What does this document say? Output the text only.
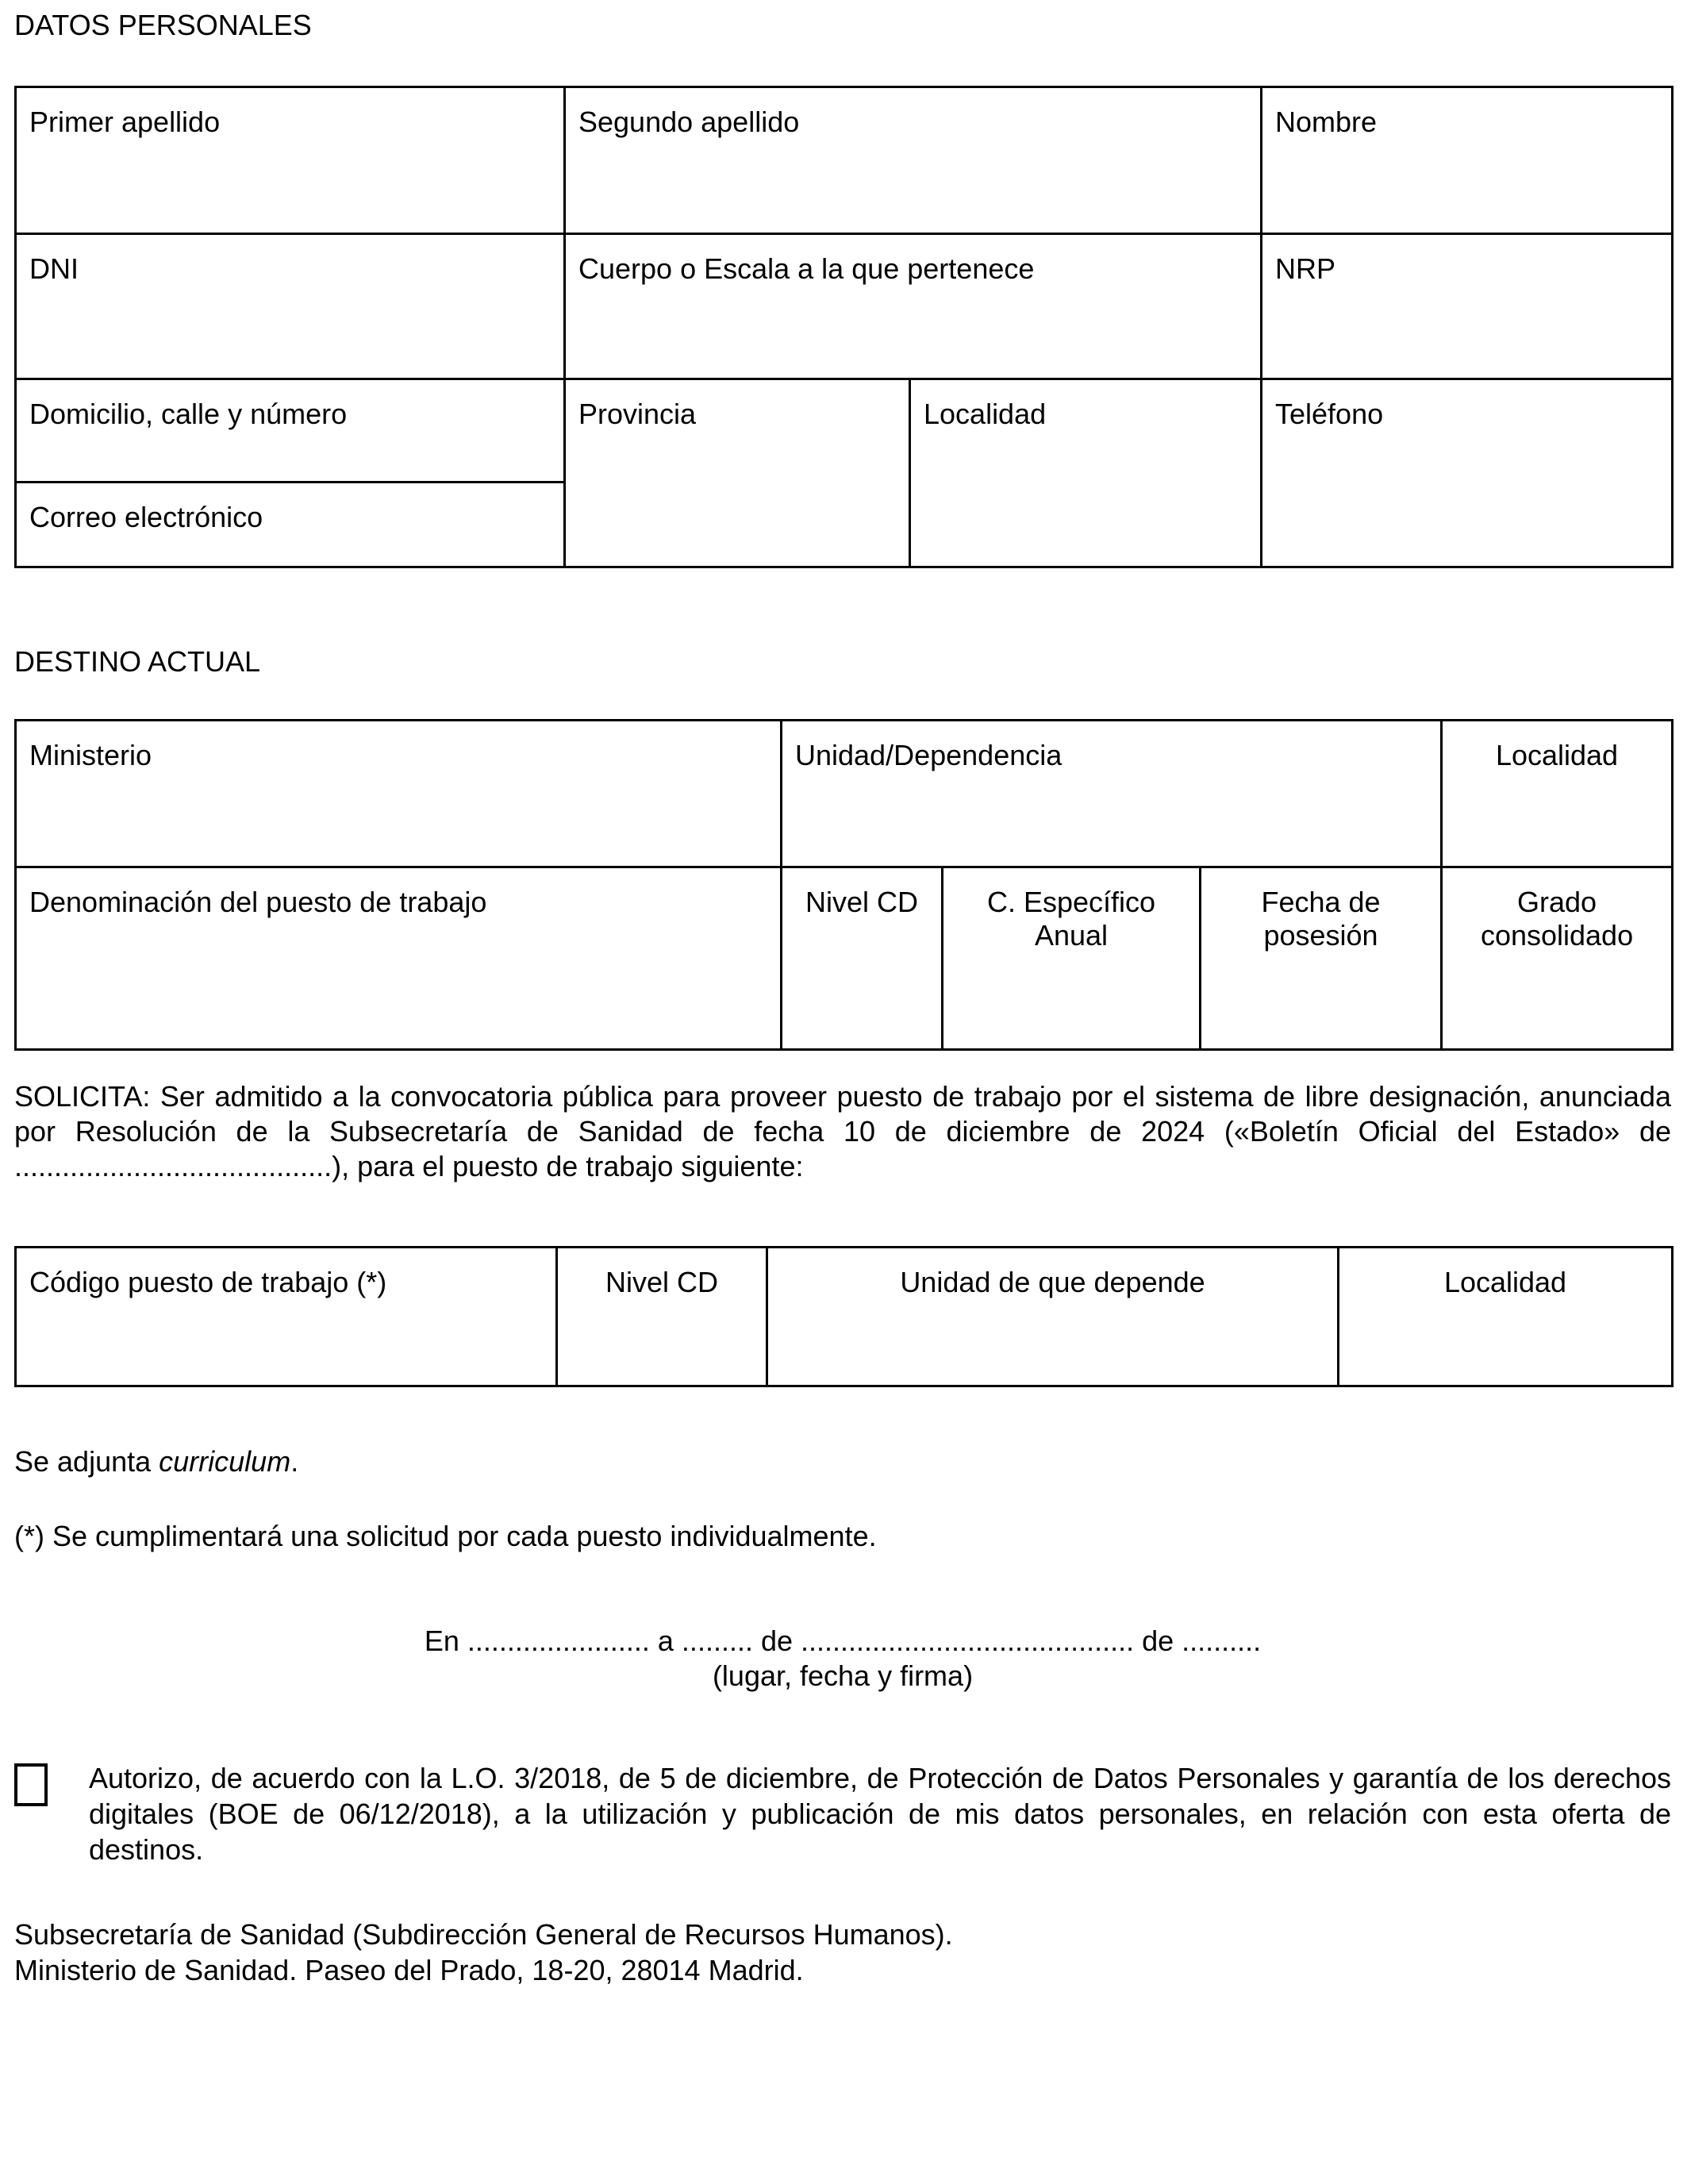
DATOS PERSONALES

Primer apellido	Segundo apellido		Nombre
DNI	Cuerpo o Escala a la que pertenece		NRP
Domicilio, calle y número	Provincia	Localidad	Teléfono
Correo electrónico			

DESTINO ACTUAL

Ministerio	Unidad/Dependencia			Localidad
Denominación del puesto de trabajo	Nivel CD	C. Específico Anual	Fecha de posesión	Grado consolidado

SOLICITA: Ser admitido a la convocatoria pública para proveer puesto de trabajo por el sistema de libre designación, anunciada por Resolución de la Subsecretaría de Sanidad de fecha 10 de diciembre de 2024 («Boletín Oficial del Estado» de ........................................), para el puesto de trabajo siguiente:

Código puesto de trabajo (*)	Nivel CD	Unidad de que depende	Localidad

Se adjunta curriculum.

(*) Se cumplimentará una solicitud por cada puesto individualmente.

En ....................... a ......... de .......................................... de ..........

(lugar, fecha y firma)

Autorizo, de acuerdo con la L.O. 3/2018, de 5 de diciembre, de Protección de Datos Personales y garantía de los derechos digitales (BOE de 06/12/2018), a la utilización y publicación de mis datos personales, en relación con esta oferta de destinos.

Subsecretaría de Sanidad (Subdirección General de Recursos Humanos).

Ministerio de Sanidad. Paseo del Prado, 18-20, 28014 Madrid.
